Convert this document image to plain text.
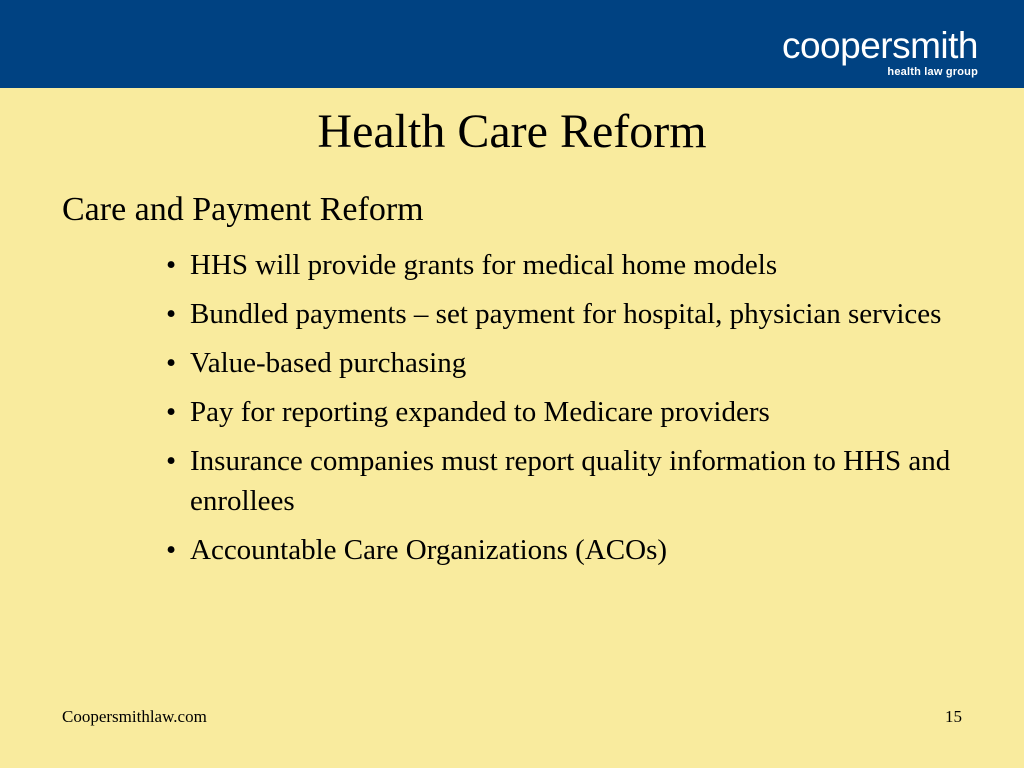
coopersmith
health law group
Health Care Reform
Care and Payment Reform
• HHS will provide grants for medical home models
• Bundled payments – set payment for hospital, physician services
• Value-based purchasing
• Pay for reporting expanded to Medicare providers
• Insurance companies must report quality information to HHS and enrollees
• Accountable Care Organizations (ACOs)
Coopersmithlaw.com	15
